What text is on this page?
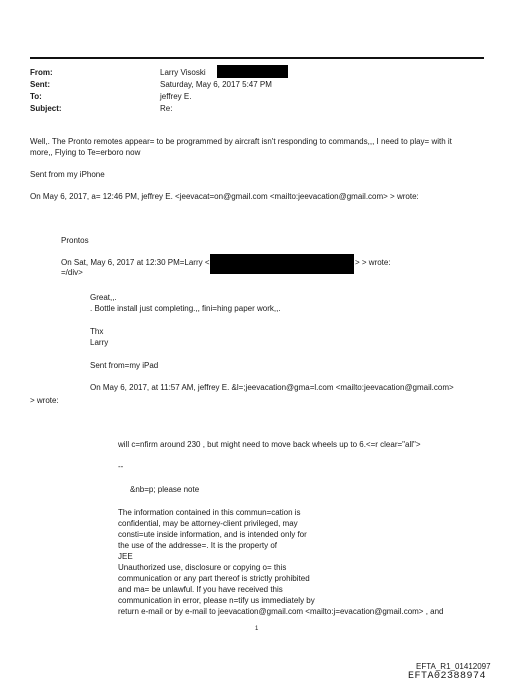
From:
Sent:
To:
Subject:
Larry Visoski
Saturday, May 6, 2017 5:47 PM
jeffrey E.
Re:
Well,. The Pronto remotes appear= to be programmed by aircraft isn't responding to commands,,, I need to play= with it
more,, Flying to Te=erboro now
Sent from my iPhone
On May 6, 2017, a= 12:46 PM, jeffrey E. <jeevacat=on@gmail.com <mailto:jeevacation@gmail.com> > wrote:
Prontos
On Sat, May 6, 2017 at 12:30 PM=Larry <	> > wrote:
=/div>
Great,,.
. Bottle install just completing.,, fini=hing paper work,,.
Thx
Larry
Sent from=my iPad
On May 6, 2017, at 11:57 AM, jeffrey E. &l=;jeevacation@gma=l.com <mailto:jeevacation@gmail.com>
> wrote:
will c=nfirm around 230 , but might need to move back wheels up to 6.<=r clear="all">
--
&nb=p; please note
The information contained in this commun=cation is
confidential, may be attorney-client privileged, may
consti=ute inside information, and is intended only for
the use of the addresse=. It is the property of
JEE
Unauthorized use, disclosure or copying o= this
communication or any part thereof is strictly prohibited
and ma= be unlawful. If you have received this
communication in error, please n=tify us immediately by
return e-mail or by e-mail to jeevacation@gmail.com <mailto:j=evacation@gmail.com> , and
1
EFTA_R1_01412097
EFTA02388974
